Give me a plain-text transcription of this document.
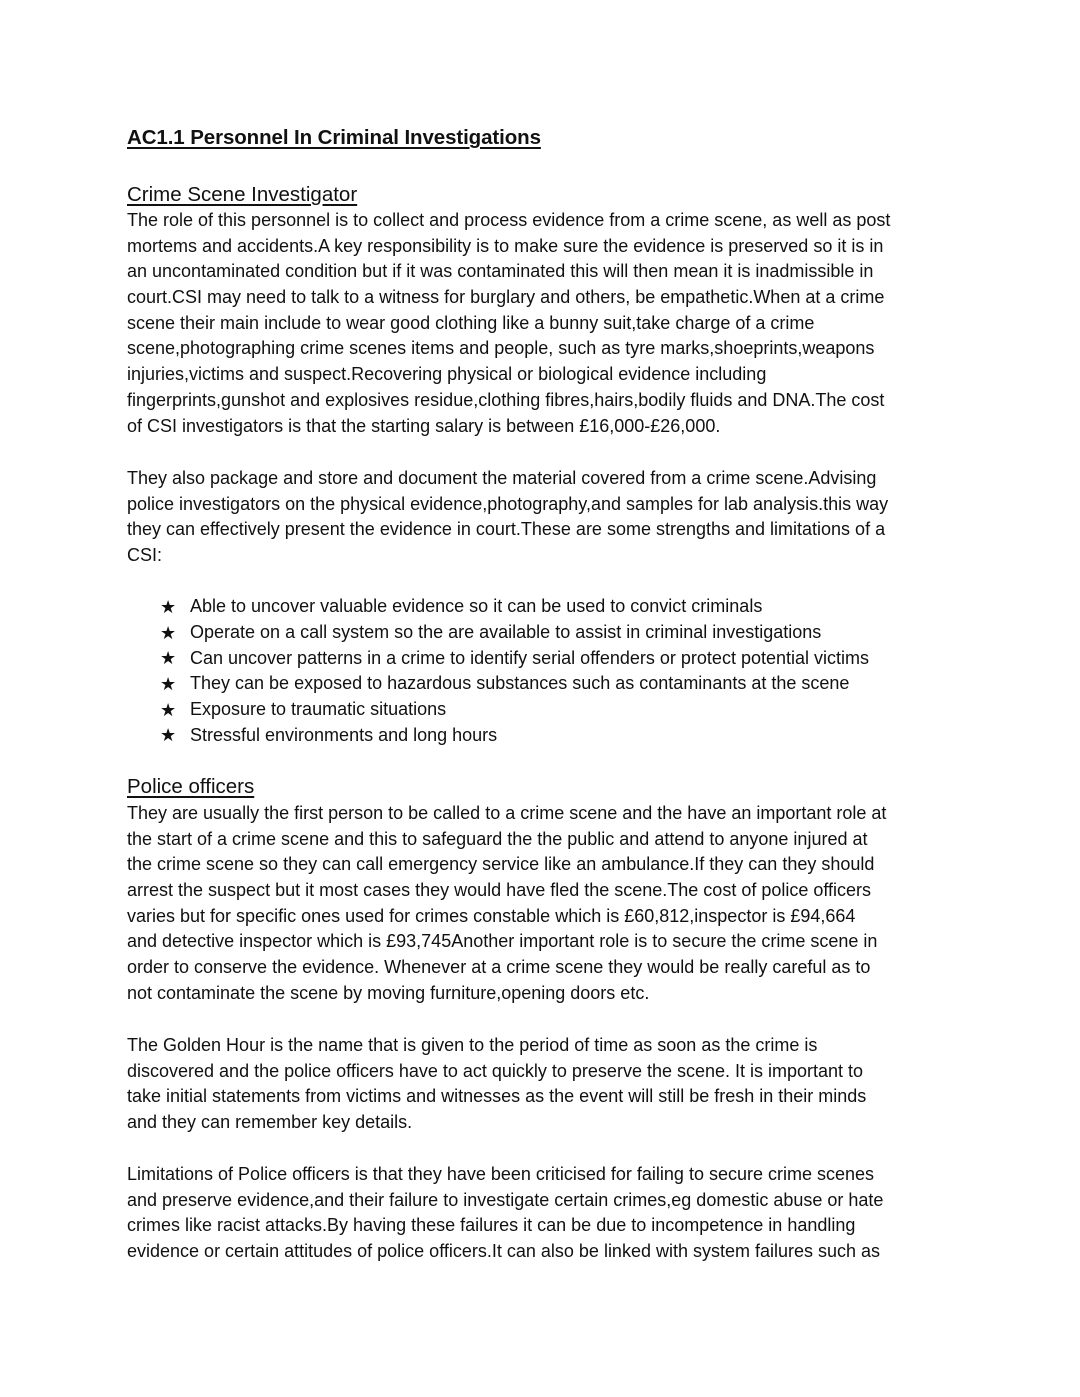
AC1.1 Personnel In Criminal Investigations
Crime Scene Investigator
The role of this personnel is to collect and process evidence from a crime scene, as well as post
mortems and accidents.A key responsibility is to make sure the evidence is preserved so it is in
an uncontaminated condition but if it was contaminated this will then mean it is inadmissible in
court.CSI may need to talk to a witness for burglary and others, be empathetic.When at a crime
scene their main include to wear good clothing like a bunny suit,take charge of a crime
scene,photographing crime scenes items and people, such as tyre marks,shoeprints,weapons
injuries,victims and suspect.Recovering physical or biological evidence including
fingerprints,gunshot and explosives residue,clothing fibres,hairs,bodily fluids and DNA.The cost
of CSI investigators is that the starting salary is between £16,000-£26,000.
They also package and store and document the material covered from a crime scene.Advising
police investigators on the physical evidence,photography,and samples for lab analysis.this way
they can effectively present the evidence in court.These are some strengths and limitations of a
CSI:
★ Able to uncover valuable evidence so it can be used to convict criminals
★ Operate on a call system so the are available to assist in criminal investigations
★ Can uncover patterns in a crime to identify serial offenders or protect potential victims
★ They can be exposed to hazardous substances such as contaminants at the scene
★ Exposure to traumatic situations
★ Stressful environments and long hours
Police officers
They are usually the first person to be called to a crime scene and the have an important role at
the start of a crime scene and this to safeguard the the public and attend to anyone injured at
the crime scene so they can call emergency service like an ambulance.If they can they should
arrest the suspect but it most cases they would have fled the scene.The cost of police officers
varies but for specific ones used for crimes constable which is £60,812,inspector is £94,664
and detective inspector which is £93,745Another important role is to secure the crime scene in
order to conserve the evidence. Whenever at a crime scene they would be really careful as to
not contaminate the scene by moving furniture,opening doors etc.
The Golden Hour is the name that is given to the period of time as soon as the crime is
discovered and the police officers have to act quickly to preserve the scene. It is important to
take initial statements from victims and witnesses as the event will still be fresh in their minds
and they can remember key details.
Limitations of Police officers is that they have been criticised for failing to secure crime scenes
and preserve evidence,and their failure to investigate certain crimes,eg domestic abuse or hate
crimes like racist attacks.By having these failures it can be due to incompetence in handling
evidence or certain attitudes of police officers.It can also be linked with system failures such as
